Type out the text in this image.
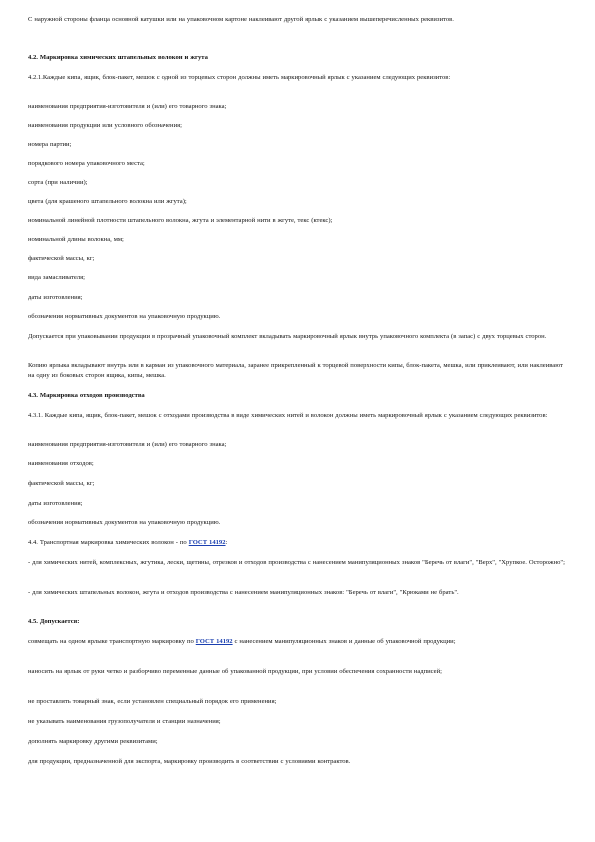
С наружной стороны фланца основной катушки или на упаковочном картоне наклеивают другой ярлык с указанием вышеперечисленных реквизитов.

4.2. Маркировка химических штапельных волокон и жгута

4.2.1.Каждые кипа, ящик, блок-пакет, мешок с одной из торцевых сторон должны иметь маркировочный ярлык с указанием следующих реквизитов:

наименования предприятия-изготовителя и (или) его товарного знака;

наименования продукции или условного обозначения;

номера партии;

порядкового номера упаковочного места;

сорта (при наличии);

цвета (для крашеного штапельного волокна или жгута);

номинальной линейной плотности штапельного волокна, жгута и элементарной нити в жгуте, текс (ктекс);

номинальной длины волокна, мм;

фактической массы, кг;

вида замасливателя;

даты изготовления;

обозначения нормативных документов на упаковочную продукцию.

Допускается при упаковывании продукции в прозрачный упаковочный комплект вкладывать маркировочный ярлык внутрь упаковочного комплекта (в запас) с двух торцевых сторон.

Копию ярлыка вкладывают внутрь или в карман из упаковочного материала, заранее прикрепленный к торцевой поверхности кипы, блок-пакета, мешка, или приклеивают, или наклеивают на одну из боковых сторон ящика, кипы, мешка.

4.3. Маркировка отходов производства

4.3.1. Каждые кипа, ящик, блок-пакет, мешок с отходами производства в виде химических нитей и волокон должны иметь маркировочный ярлык с указанием следующих реквизитов:

наименования предприятия-изготовителя и (или) его товарного знака;

наименования отходов;

фактической массы, кг;

даты изготовления;

обозначения нормативных документов на упаковочную продукцию.

4.4. Транспортная маркировка химических волокон - по ГОСТ 14192:

- для химических нитей, комплексных, жгутика, лески, щетины, отрезков и отходов производства с нанесением манипуляционных знаков "Беречь от влаги", "Верх", "Хрупкое. Осторожно";

- для химических штапельных волокон, жгута и отходов производства с нанесением манипуляционных знаков: "Беречь от влаги", "Крюками не брать".

4.5. Допускается:

совмещать на одном ярлыке транспортную маркировку по ГОСТ 14192 с нанесением манипуляционных знаков и данные об упаковочной продукции;

наносить на ярлык от руки четко и разборчиво переменные данные об упакованной продукции, при условии обеспечения сохранности надписей;

не проставлять товарный знак, если установлен специальный порядок его применения;

не указывать наименования грузополучателя и станции назначения;

дополнять маркировку другими реквизитами;

для продукции, предназначенной для экспорта, маркировку производить в соответствии с условиями контрактов.
